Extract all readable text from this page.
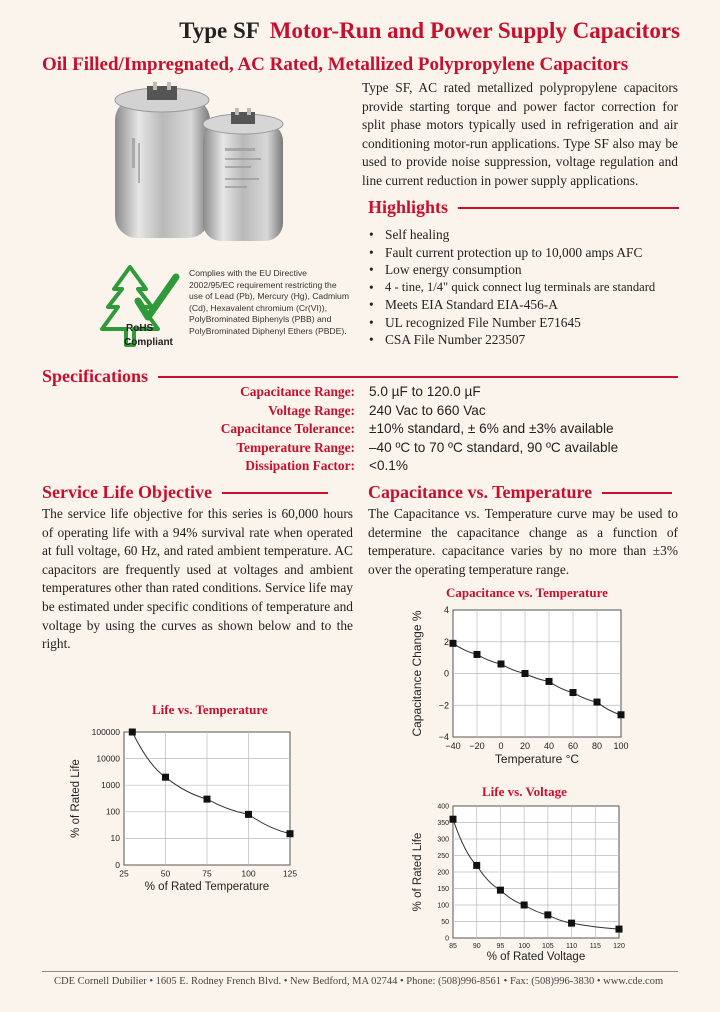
Type SF Motor-Run and Power Supply Capacitors
Oil Filled/Impregnated, AC Rated, Metallized Polypropylene Capacitors
Type SF, AC rated metallized polypropylene capacitors provide starting torque and power factor correction for split phase motors typically used in refrigeration and air conditioning motor-run applications. Type SF also may be used to provide noise suppression, voltage regulation and line current reduction in power supply applications.
Highlights
• Self healing
• Fault current protection up to 10,000 amps AFC
• Low energy consumption
• 4 - tine, 1/4" quick connect lug terminals are standard
• Meets EIA Standard EIA-456-A
• UL recognized File Number E71645
• CSA File Number 223507
RoHS
Compliant
Complies with the EU Directive 2002/95/EC requirement restricting the use of Lead (Pb), Mercury (Hg), Cadmium (Cd), Hexavalent chromium (Cr(VI)), PolyBrominated Biphenyls (PBB) and PolyBrominated Diphenyl Ethers (PBDE).
Specifications
Capacitance Range: 5.0 µF to 120.0 µF
Voltage Range: 240 Vac to 660 Vac
Capacitance Tolerance: ±10% standard, ± 6% and ±3% available
Temperature Range: –40 ºC to 70 ºC standard, 90 ºC available
Dissipation Factor: <0.1%
Service Life Objective
The service life objective for this series is 60,000 hours of operating life with a 94% survival rate when operated at full voltage, 60 Hz, and rated ambient temperature. AC capacitors are frequently used at voltages and ambient temperatures other than rated conditions. Service life may be estimated under specific conditions of temperature and voltage by using the curves as shown below and to the right.
Capacitance vs. Temperature
The Capacitance vs. Temperature curve may be used to determine the capacitance change as a function of temperature. capacitance varies by no more than ±3% over the operating temperature range.
Capacitance vs. Temperature
−40 −20 0 20 40 60 80 100
4
2
0
−2
−4
Temperature °C
Capacitance Change %
Life vs. Temperature
25	50	75	100	125
100000
10000
1000
100
10
0
% of Rated Temperature
% of Rated Life	Life vs. Voltage
85 90 95 100 105 110 115 120
400
350
300
250
200
150
100
50
0
% of Rated Voltage
% of Rated Life
CDE Cornell Dubilier • 1605 E. Rodney French Blvd. • New Bedford, MA 02744 • Phone: (508)996-8561 • Fax: (508)996-3830 • www.cde.com
